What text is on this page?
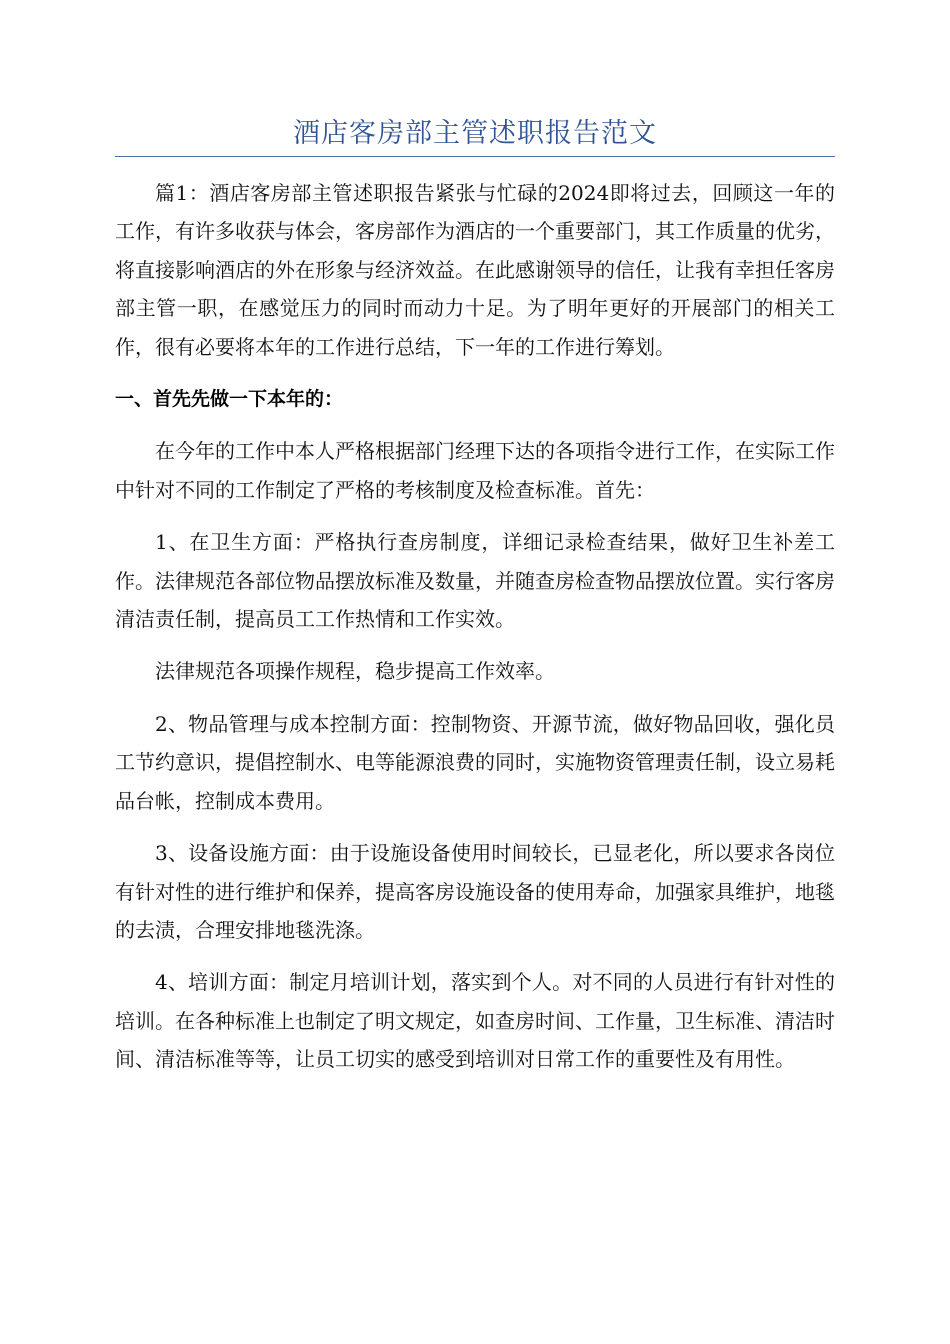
酒店客房部主管述职报告范文

篇1：酒店客房部主管述职报告紧张与忙碌的2024即将过去，回顾这一年的工作，有许多收获与体会，客房部作为酒店的一个重要部门，其工作质量的优劣，将直接影响酒店的外在形象与经济效益。在此感谢领导的信任，让我有幸担任客房部主管一职，在感觉压力的同时而动力十足。为了明年更好的开展部门的相关工作，很有必要将本年的工作进行总结，下一年的工作进行筹划。

一、首先先做一下本年的：

在今年的工作中本人严格根据部门经理下达的各项指令进行工作，在实际工作中针对不同的工作制定了严格的考核制度及检查标准。首先：

1、在卫生方面：严格执行查房制度，详细记录检查结果，做好卫生补差工作。法律规范各部位物品摆放标准及数量，并随查房检查物品摆放位置。实行客房清洁责任制，提高员工工作热情和工作实效。

法律规范各项操作规程，稳步提高工作效率。

2、物品管理与成本控制方面：控制物资、开源节流，做好物品回收，强化员工节约意识，提倡控制水、电等能源浪费的同时，实施物资管理责任制，设立易耗品台帐，控制成本费用。

3、设备设施方面：由于设施设备使用时间较长，已显老化，所以要求各岗位有针对性的进行维护和保养，提高客房设施设备的使用寿命，加强家具维护，地毯的去渍，合理安排地毯洗涤。

4、培训方面：制定月培训计划，落实到个人。对不同的人员进行有针对性的培训。在各种标准上也制定了明文规定，如查房时间、工作量，卫生标准、清洁时间、清洁标准等等，让员工切实的感受到培训对日常工作的重要性及有用性。
